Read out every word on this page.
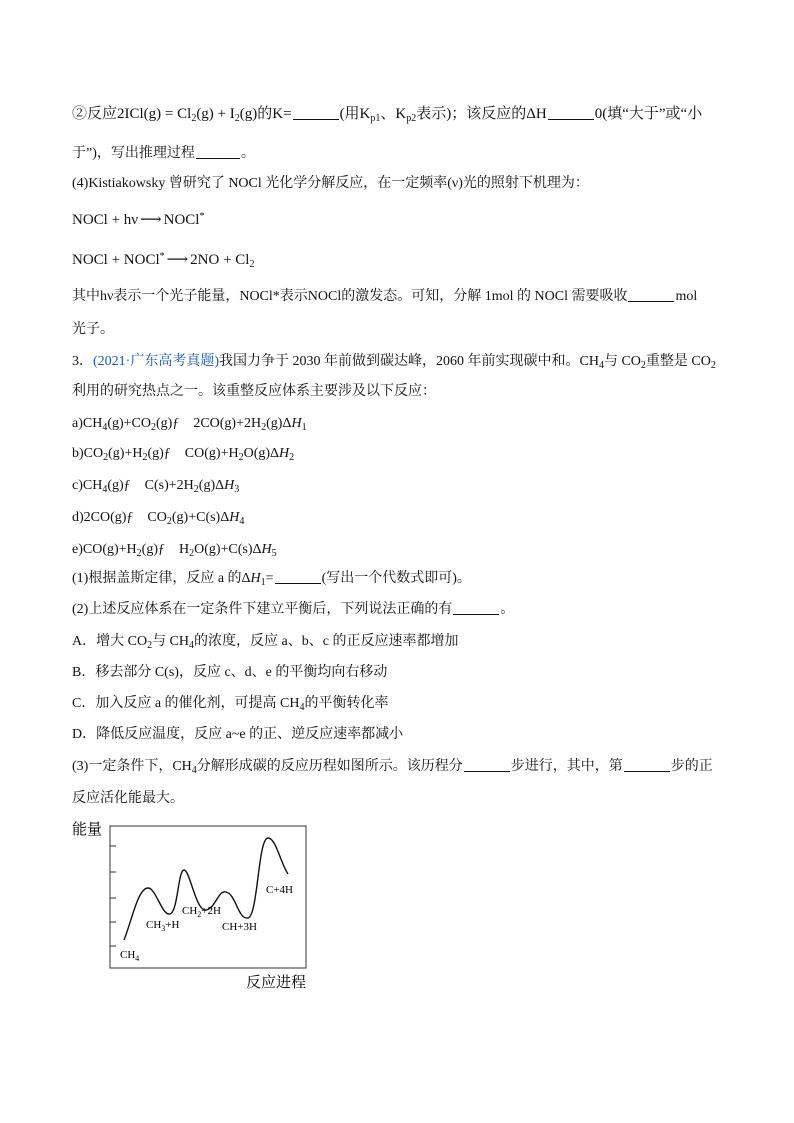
②反应$2ICl(g) = Cl_2(g) + I_2(g)$的K=	(用$K_{p1}$、$K_{p2}$表示)；该反应的ΔH	0(填“大于”或“小
于”)，写出推理过程	。
(4)Kistiakowsky 曾研究了 NOCl 光化学分解反应，在一定频率(ν)光的照射下机理为：
NOCl + hν ⟶ NOCl*
NOCl + NOCl* ⟶ $2NO + Cl_2$
其中hν表示一个光子能量，NOCl*表示NOCl的激发态。可知，分解 1mol 的 NOCl 需要吸收	mol
光子。
3．(2021·广东高考真题)我国力争于 2030 年前做到碳达峰，2060 年前实现碳中和。$CH_4$与 $CO_2$重整是 $CO_2$
利用的研究热点之一。该重整反应体系主要涉及以下反应：
$a)CH_4(g)+CO_2(g)ƒ$　$2CO(g)+2H_2(g)\Delta H_1$
$b)CO_2(g)+H_2(g)ƒ$　$CO(g)+H_2O(g)\Delta H_2$
$c)CH_4(g)ƒ$　$C(s)+2H_2(g)\Delta H_3$
d)2CO(g)ƒ　$CO_2(g)+C(s)\Delta H_4$
$e)CO(g)+H_2(g)ƒ$　$H_2O(g)+C(s)\Delta H_5$
(1)根据盖斯定律，反应 a 的$\Delta H_1=$	(写出一个代数式即可)。
(2)上述反应体系在一定条件下建立平衡后，下列说法正确的有	。
A．增大 $CO_2$与 $CH_4$的浓度，反应 a、b、c 的正反应速率都增加
B．移去部分 C(s)，反应 c、d、e 的平衡均向右移动
C．加入反应 a 的催化剂，可提高 $CH_4$的平衡转化率
D．降低反应温度，反应 a~e 的正、逆反应速率都减小
(3)一定条件下，$CH_4$分解形成碳的反应历程如图所示。该历程分	步进行，其中，第	步的正
反应活化能最大。
能量
$CH_4$
$CH_3+H$
$CH_2+2H$
CH+3H
C+4H
反应进程
